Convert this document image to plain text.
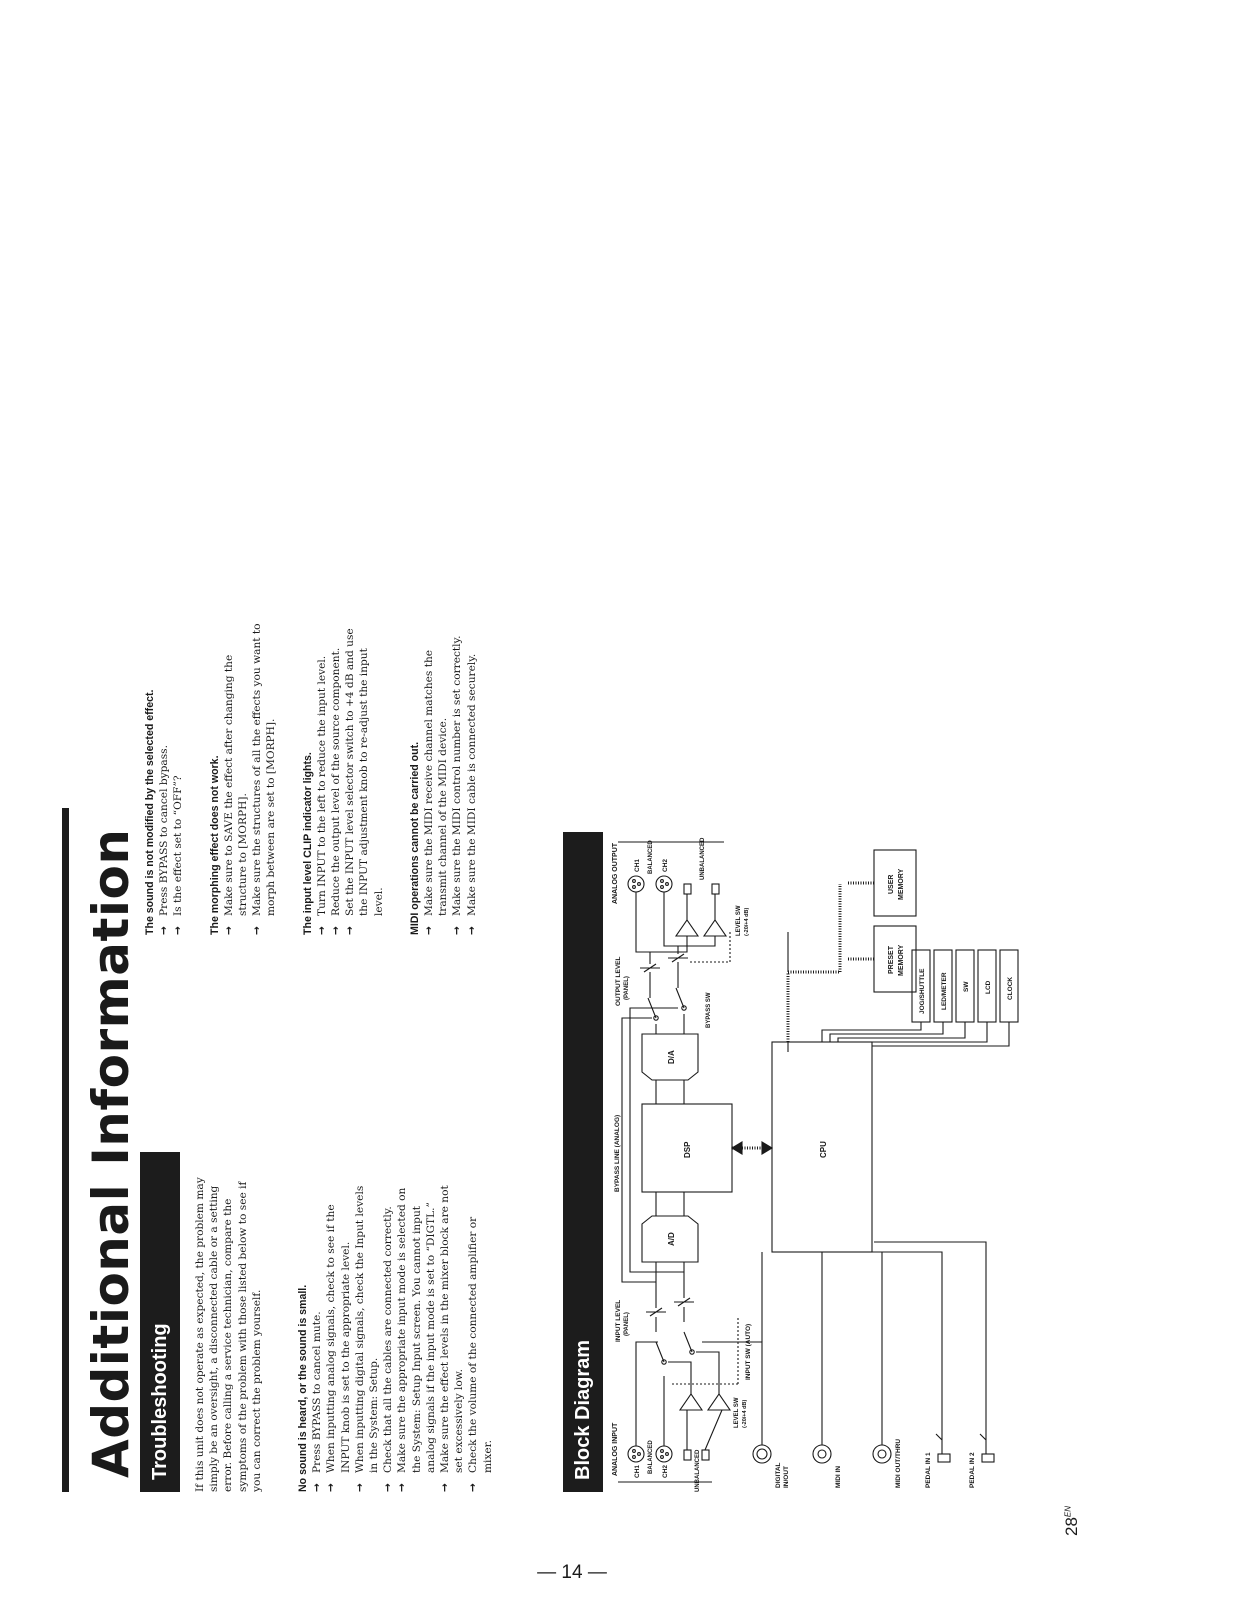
Additional Information Troubleshooting	If this unit does not operate as expected, the problem may simply be an oversight, a disconnected cable or a setting error. Before calling a service technician, compare the symptoms of the problem with those listed below to see if you can correct the problem yourself.	No sound is heard, or the sound is small. →
Press BYPASS to cancel mute.
→
When inputting analog signals, check to see if the INPUT knob is set to the appropriate level.
→
When inputting digital signals, check the Input levels in the System: Setup.
→
Check that all the cables are connected correctly.
→
Make sure the appropriate input mode is selected on the System: Setup Input screen. You cannot input analog signals if the input mode is set to “DIGTL.”
→
Make sure the effect levels in the mixer block are not set excessively low.
→
Check the volume of the connected amplifier or mixer.
The sound is not modified by the selected effect. →
Press BYPASS to cancel bypass.
→
Is the effect set to “OFF”? The morphing effect does not work. →
Make sure to SAVE the effect after changing the structure to [MORPH].
→
Make sure the structures of all the effects you want to morph between are set to [MORPH]. The input level CLIP indicator lights. →
Turn INPUT to the left to reduce the input level.
→
Reduce the output level of the source component.
→
Set the INPUT level selector switch to +4 dB and use the INPUT adjustment knob to re-adjust the input level. MIDI operations cannot be carried out. →
Make sure the MIDI receive channel matches the transmit channel of the MIDI device.
→
Make sure the MIDI control number is set correctly.
→
Make sure the MIDI cable is connected securely.
Block Diagram	ANALOG INPUT
ANALOG OUTPUT
CH1	CH2
BALANCED	UNBALANCED
LEVEL SW (-20/+4 dB)
INPUT LEVEL (PANEL)	INPUT SW (AUTO)
BYPASS LINE (ANALOG)
A/D
DSP
D/A
BYPASS SW
OUTPUT LEVEL (PANEL)
LEVEL SW (-20/+4 dB)
CH1	CH2
BALANCED	UNBALANCED
CPU
DIGITAL IN/OUT	MIDI IN	MIDI OUT/THRU	PEDAL IN 1	PEDAL IN 2
PRESET MEMORY
USER MEMORY
JOG/SHUTTLE LED/METER SW LCD CLOCK
$28^{EN}$
— 14 —
